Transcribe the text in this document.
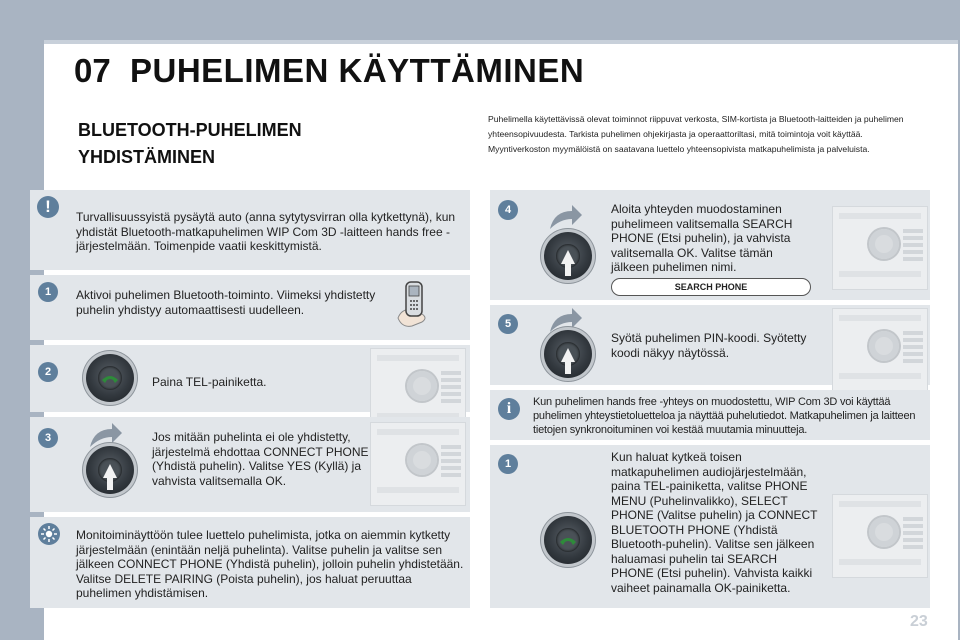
07 PUHELIMEN KÄYTTÄMINEN
BLUETOOTH-PUHELIMEN
YHDISTÄMINEN
Puhelimella käytettävissä olevat toiminnot riippuvat verkosta, SIM-kortista ja Bluetooth-laitteiden ja puhelimen yhteensopivuudesta. Tarkista puhelimen ohjekirjasta ja operaattoriltasi, mitä toimintoja voit käyttää. Myyntiverkoston myymälöistä on saatavana luettelo yhteensopivista matkapuhelimista ja palveluista.
!
Turvallisuussyistä pysäytä auto (anna sytytysvirran olla kytkettynä), kun yhdistät Bluetooth-matkapuhelimen WIP Com 3D -laitteen hands free -järjestelmään. Toimenpide vaatii keskittymistä.
1	Aktivoi puhelimen Bluetooth-toiminto. Viimeksi yhdistetty puhelin yhdistyy automaattisesti uudelleen.
2
Paina TEL-painiketta.
3	Jos mitään puhelinta ei ole yhdistetty, järjestelmä ehdottaa CONNECT PHONE (Yhdistä puhelin). Valitse YES (Kyllä) ja vahvista valitsemalla OK.
Monitoiminäyttöön tulee luettelo puhelimista, jotka on aiemmin kytketty järjestelmään (enintään neljä puhelinta). Valitse puhelin ja valitse sen jälkeen CONNECT PHONE (Yhdistä puhelin), jolloin puhelin yhdistetään. Valitse DELETE PAIRING (Poista puhelin), jos haluat peruuttaa puhelimen yhdistämisen.
4	Aloita yhteyden muodostaminen puhelimeen valitsemalla SEARCH PHONE (Etsi puhelin), ja vahvista valitsemalla OK. Valitse tämän jälkeen puhelimen nimi.
SEARCH PHONE
5
Syötä puhelimen PIN-koodi. Syötetty koodi näkyy näytössä.
i	Kun puhelimen hands free -yhteys on muodostettu, WIP Com 3D voi käyttää puhelimen yhteystietoluetteloa ja näyttää puhelutiedot. Matkapuhelimen ja laitteen tietojen synkronoituminen voi kestää muutamia minuutteja.
1	Kun haluat kytkeä toisen matkapuhelimen audiojärjestelmään, paina TEL-painiketta, valitse PHONE MENU (Puhelinvalikko), SELECT PHONE (Valitse puhelin) ja CONNECT BLUETOOTH PHONE (Yhdistä Bluetooth-puhelin). Valitse sen jälkeen haluamasi puhelin tai SEARCH PHONE (Etsi puhelin). Vahvista kaikki vaiheet painamalla OK-painiketta.
23
